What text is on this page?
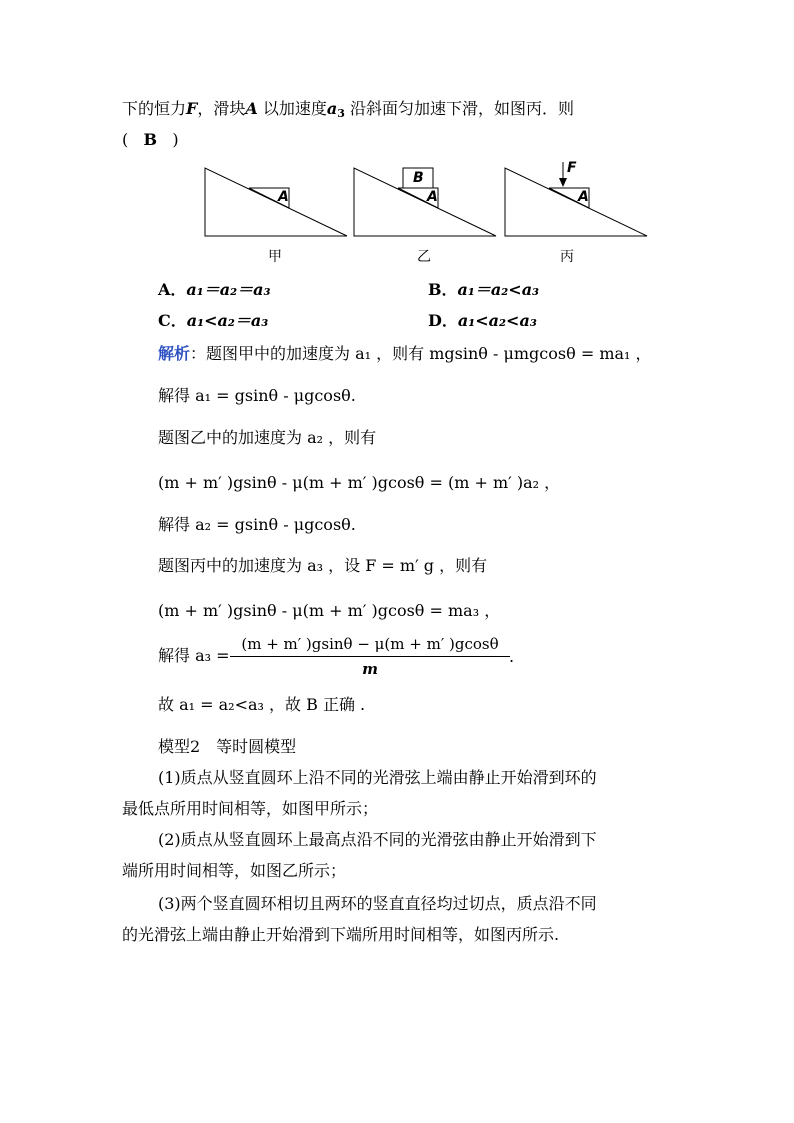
下的恒力F，滑块A 以加速度$a_3$ 沿斜面匀加速下滑，如图丙．则
( B )
A	A
B
A
F
甲	乙	丙
A．a₁＝a₂＝a₃	B．a₁＝a₂<a₃
C．a₁<a₂＝a₃	D．a₁<a₂<a₃
解析：题图甲中的加速度为 a₁ ，则有 mgsinθ - μmgcosθ = ma₁ ，
解得 a₁ = gsinθ - μgcosθ.
题图乙中的加速度为 a₂ ，则有
(m + m′ )gsinθ - μ(m + m′ )gcosθ = (m + m′ )a₂ ，
解得 a₂ = gsinθ - μgcosθ.
题图丙中的加速度为 a₃ ，设 F = m′ g ，则有
(m + m′ )gsinθ - μ(m + m′ )gcosθ = ma₃ ，
解得 a₃ =
(m + m′ )gsinθ − μ(m + m′ )gcosθ
m
.
故 a₁ = a₂<a₃ ，故 B 正确 .
模型2　等时圆模型
(1)质点从竖直圆环上沿不同的光滑弦上端由静止开始滑到环的
最低点所用时间相等，如图甲所示；
(2)质点从竖直圆环上最高点沿不同的光滑弦由静止开始滑到下
端所用时间相等，如图乙所示；
(3)两个竖直圆环相切且两环的竖直直径均过切点，质点沿不同
的光滑弦上端由静止开始滑到下端所用时间相等，如图丙所示.
